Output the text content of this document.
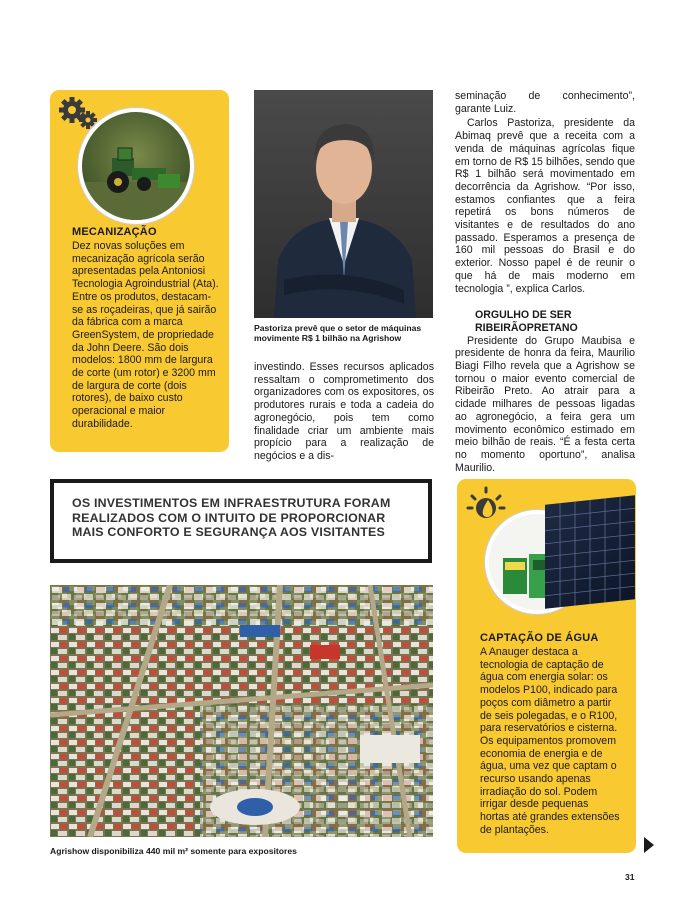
MECANIZAÇÃO
Dez novas soluções em mecanização agrícola serão apresentadas pela Antoniosi Tecnologia Agroindustrial (Ata). Entre os produtos, destacam-se as roçadeiras, que já sairão da fábrica com a marca GreenSystem, de propriedade da John Deere. São dois modelos: 1800 mm de largura de corte (um rotor) e 3200 mm de largura de corte (dois rotores), de baixo custo operacional e maior durabilidade.
Pastoriza prevê que o setor de máquinas movimente R$ 1 bilhão na Agrishow
investindo. Esses recursos aplicados ressaltam o comprometimento dos organizadores com os expositores, os produtores rurais e toda a cadeia do agronegócio, pois tem como finalidade criar um ambiente mais propício para a realização de negócios e a dis-

seminação de conhecimento”, garante Luiz.

Carlos Pastoriza, presidente da Abimaq prevê que a receita com a venda de máquinas agrícolas fique em torno de R$ 15 bilhões, sendo que R$ 1 bilhão será movimentado em decorrência da Agrishow. “Por isso, estamos confiantes que a feira repetirá os bons números de visitantes e de resultados do ano passado. Esperamos a presença de 160 mil pessoas do Brasil e do exterior. Nosso papel é de reunir o que há de mais moderno em tecnologia ”, explica Carlos.

ORGULHO DE SER RIBEIRÃOPRETANO

Presidente do Grupo Maubisa e presidente de honra da feira, Maurilio Biagi Filho revela que a Agrishow se tornou o maior evento comercial de Ribeirão Preto. Ao atrair para a cidade milhares de pessoas ligadas ao agronegócio, a feira gera um movimento econômico estimado em meio bilhão de reais. “É a festa certa no momento oportuno”, analisa Maurilio.

OS INVESTIMENTOS EM INFRAESTRUTURA FORAM REALIZADOS COM O INTUITO DE PROPORCIONAR MAIS CONFORTO E SEGURANÇA AOS VISITANTES
Agrishow disponibiliza 440 mil m² somente para expositores
CAPTAÇÃO DE ÁGUA
A Anauger destaca a tecnologia de captação de água com energia solar: os modelos P100, indicado para poços com diâmetro a partir de seis polegadas, e o R100, para reservatórios e cisterna. Os equipamentos promovem economia de energia e de água, uma vez que captam o recurso usando apenas irradiação do sol. Podem irrigar desde pequenas hortas até grandes extensões de plantações.
31
